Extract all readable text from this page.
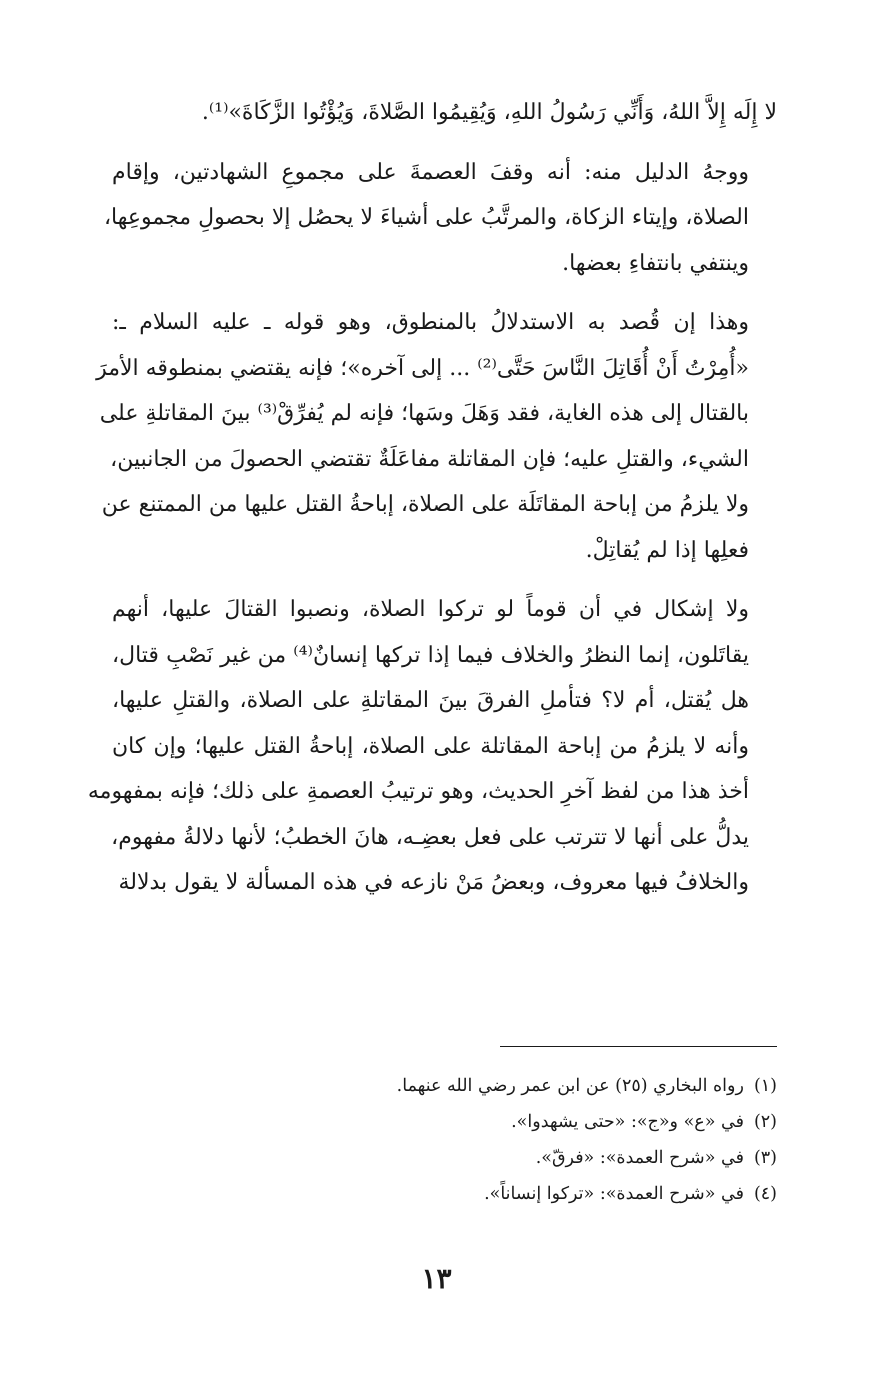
لا إِلَه إِلاَّ اللهُ، وَأَنِّي رَسُولُ اللهِ، وَيُقِيمُوا الصَّلاةَ، وَيُؤْتُوا الزَّكَاةَ»⁽¹⁾.
ووجهُ الدليل منه: أنه وقفَ العصمةَ على مجموعِ الشهادتين، وإقام
الصلاة، وإيتاء الزكاة، والمرتَّبُ على أشياءَ لا يحصُل إلا بحصولِ مجموعِها،
وينتفي بانتفاءِ بعضها.
وهذا إن قُصد به الاستدلالُ بالمنطوق، وهو قوله ـ عليه السلام ـ:
«أُمِرْتُ أَنْ أُقَاتِلَ النَّاسَ حَتَّى⁽²⁾ ... إلى آخره»؛ فإنه يقتضي بمنطوقه الأمرَ
بالقتال إلى هذه الغاية، فقد وَهَلَ وسَها؛ فإنه لم يُفرِّقْ⁽³⁾ بينَ المقاتلةِ على
الشيء، والقتلِ عليه؛ فإن المقاتلة مفاعَلَةٌ تقتضي الحصولَ من الجانبين،
ولا يلزمُ من إباحة المقاتَلَة على الصلاة، إباحةُ القتل عليها من الممتنع عن
فعلِها إذا لم يُقاتِلْ.
ولا إشكال في أن قوماً لو تركوا الصلاة، ونصبوا القتالَ عليها، أنهم
يقاتَلون، إنما النظرُ والخلاف فيما إذا تركها إنسانٌ⁽⁴⁾ من غير نَصْبِ قتال،
هل يُقتل، أم لا؟ فتأملِ الفرقَ بينَ المقاتلةِ على الصلاة، والقتلِ عليها،
وأنه لا يلزمُ من إباحة المقاتلة على الصلاة، إباحةُ القتل عليها؛ وإن كان
أخذ هذا من لفظ آخرِ الحديث، وهو ترتيبُ العصمةِ على ذلك؛ فإنه بمفهومه
يدلُّ على أنها لا تترتب على فعل بعضِـه، هانَ الخطبُ؛ لأنها دلالةُ مفهوم،
والخلافُ فيها معروف، وبعضُ مَنْ نازعه في هذه المسألة لا يقول بدلالة
(١)رواه البخاري (٢٥) عن ابن عمر رضي الله عنهما.
(٢)في «ع» و«ج»: «حتى يشهدوا».
(٣)في «شرح العمدة»: «فرقّ».
(٤)في «شرح العمدة»: «تركوا إنساناً».
١٣
